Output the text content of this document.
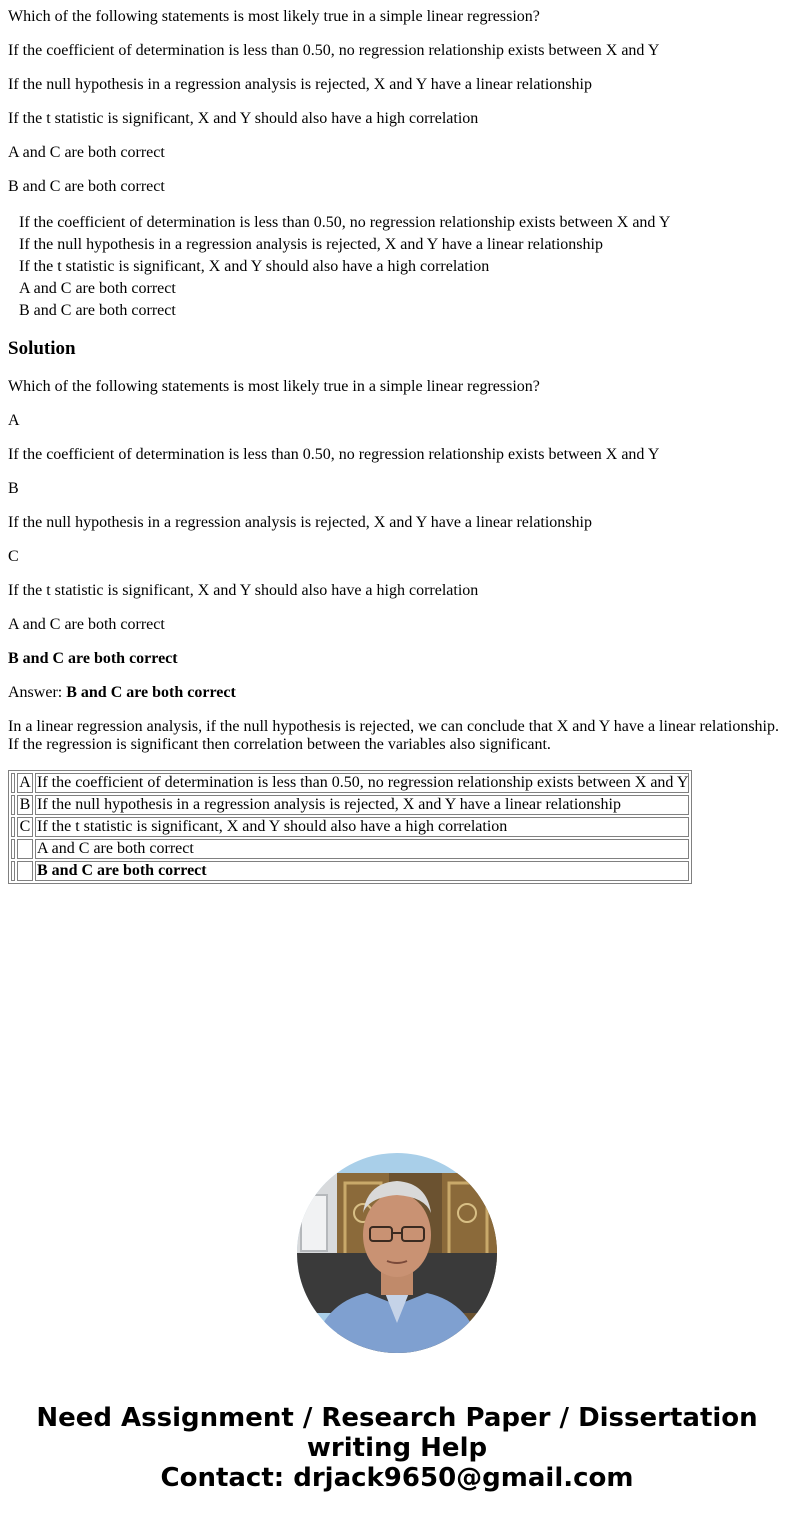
Which of the following statements is most likely true in a simple linear regression?

If the coefficient of determination is less than 0.50, no regression relationship exists between X and Y

If the null hypothesis in a regression analysis is rejected, X and Y have a linear relationship

If the t statistic is significant, X and Y should also have a high correlation

A and C are both correct

B and C are both correct

If the coefficient of determination is less than 0.50, no regression relationship exists between X and Y
If the null hypothesis in a regression analysis is rejected, X and Y have a linear relationship
If the t statistic is significant, X and Y should also have a high correlation
A and C are both correct
B and C are both correct
Solution

Which of the following statements is most likely true in a simple linear regression?

A

If the coefficient of determination is less than 0.50, no regression relationship exists between X and Y

B

If the null hypothesis in a regression analysis is rejected, X and Y have a linear relationship

C

If the t statistic is significant, X and Y should also have a high correlation

A and C are both correct

B and C are both correct

Answer: B and C are both correct

In a linear regression analysis, if the null hypothesis is rejected, we can conclude that X and Y have a linear relationship. If the regression is significant then correlation between the variables also significant.

	A	If the coefficient of determination is less than 0.50, no regression relationship exists between X and Y
	B	If the null hypothesis in a regression analysis is rejected, X and Y have a linear relationship
	C	If the t statistic is significant, X and Y should also have a high correlation
		A and C are both correct
		B and C are both correct
Need Assignment / Research Paper / Dissertation
writing Help
Contact: drjack9650@gmail.com
